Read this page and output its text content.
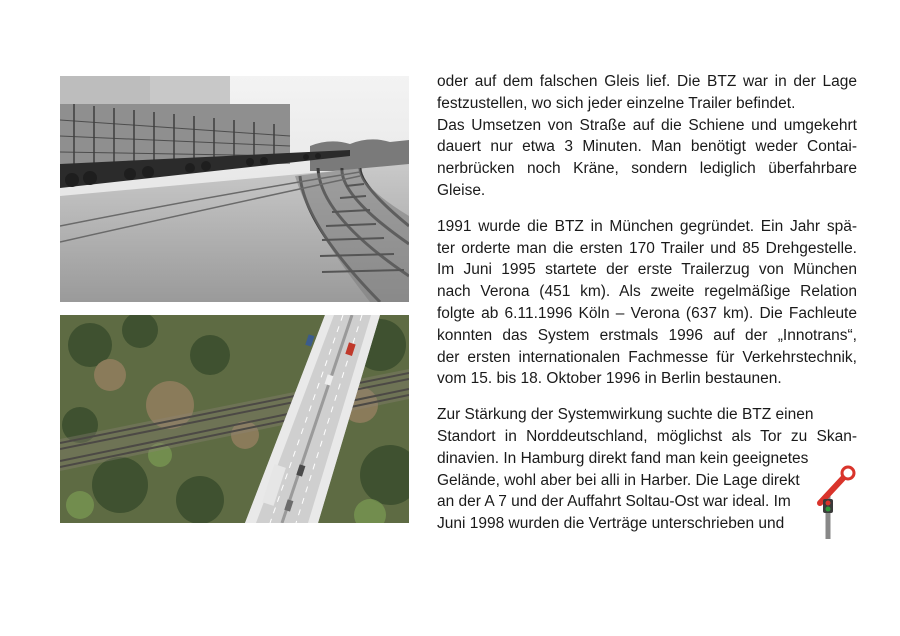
oder auf dem falschen Gleis lief. Die BTZ war in der Lage
festzustellen, wo sich jeder einzelne Trailer befindet.
Das Umsetzen von Straße auf die Schiene und umgekehrt
dauert nur etwa 3 Minuten. Man benötigt weder Contai-
nerbrücken noch Kräne, sondern lediglich überfahrbare
Gleise.
1991 wurde die BTZ in München gegründet. Ein Jahr spä-
ter orderte man die ersten 170 Trailer und 85 Drehgestelle.
Im Juni 1995 startete der erste Trailerzug von München
nach Verona (451 km). Als zweite regelmäßige Relation
folgte ab 6.11.1996 Köln – Verona (637 km). Die Fachleute
konnten das System erstmals 1996 auf der „Innotrans“,
der ersten internationalen Fachmesse für Verkehrstechnik,
vom 15. bis 18. Oktober 1996 in Berlin bestaunen.
Zur Stärkung der Systemwirkung suchte die BTZ einen
Standort in Norddeutschland, möglichst als Tor zu Skan-
dinavien. In Hamburg direkt fand man kein geeignetes
Gelände, wohl aber bei alli in Harber. Die Lage direkt
an der A 7 und der Auffahrt Soltau-Ost war ideal. Im
Juni 1998 wurden die Verträge unterschrieben und
